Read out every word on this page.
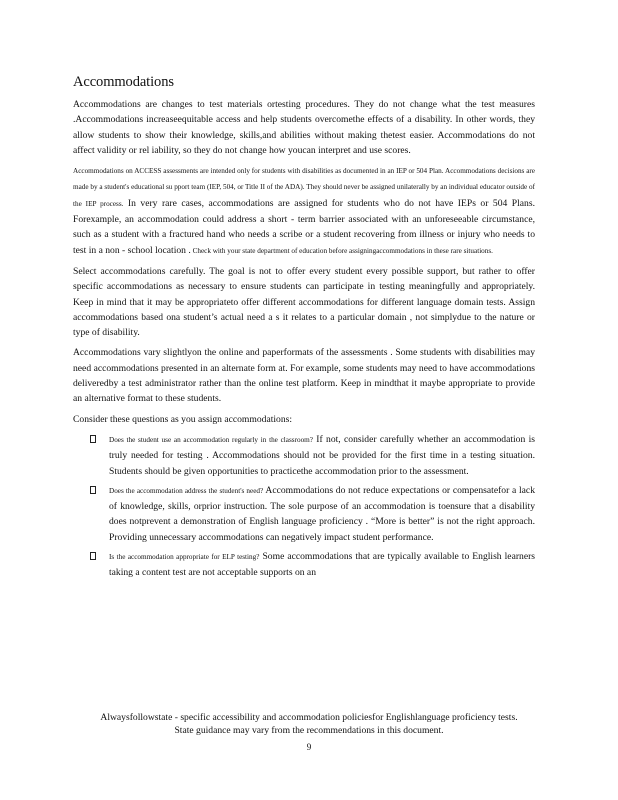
Accommodations

Accommodations are changes to test materials ortesting procedures. They do not change what the test measures .Accommodations increaseequitable access and help students overcomethe effects of a disability. In other words, they allow students to show their knowledge, skills,and abilities without making thetest easier. Accommodations do not affect validity or rel iability, so they do not change how youcan interpret and use scores.

Accommodations on ACCESS assessments are intended only for students with disabilities as documented in an IEP or 504 Plan. Accommodations decisions are made by a student's educational su pport team (IEP, 504, or Title II of the ADA). They should never be assigned unilaterally by an individual educator outside of the IEP process. In very rare cases, accommodations are assigned for students who do not have IEPs or 504 Plans. Forexample, an accommodation could address a short - term barrier associated with an unforeseeable circumstance, such as a student with a fractured hand who needs a scribe or a student recovering from illness or injury who needs to test in a non - school location . Check with your state department of education before assigningaccommodations in these rare situations.

Select accommodations carefully. The goal is not to offer every student every possible support, but rather to offer specific accommodations as necessary to ensure students can participate in testing meaningfully and appropriately. Keep in mind that it may be appropriateto offer different accommodations for different language domain tests. Assign accommodations based ona student’s actual need a s it relates to a particular domain , not simplydue to the nature or type of disability.

Accommodations vary slightlyon the online and paperformats of the assessments . Some students with disabilities may need accommodations presented in an alternate form at. For example, some students may need to have accommodations deliveredby a test administrator rather than the online test platform. Keep in mindthat it maybe appropriate to provide an alternative format to these students.

Consider these questions as you assign accommodations:

Does the student use an accommodation regularly in the classroom? If not, consider carefully whether an accommodation is truly needed for testing . Accommodations should not be provided for the first time in a testing situation. Students should be given opportunities to practicethe accommodation prior to the assessment.
Does the accommodation address the student's need? Accommodations do not reduce expectations or compensatefor a lack of knowledge, skills, orprior instruction. The sole purpose of an accommodation is toensure that a disability does notprevent a demonstration of English language proficiency . “More is better” is not the right approach. Providing unnecessary accommodations can negatively impact student performance.
Is the accommodation appropriate for ELP testing? Some accommodations that are typically available to English learners taking a content test are not acceptable supports on an

Alwaysfollowstate - specific accessibility and accommodation policiesfor Englishlanguage proficiency tests.

State guidance may vary from the recommendations in this document.

9
